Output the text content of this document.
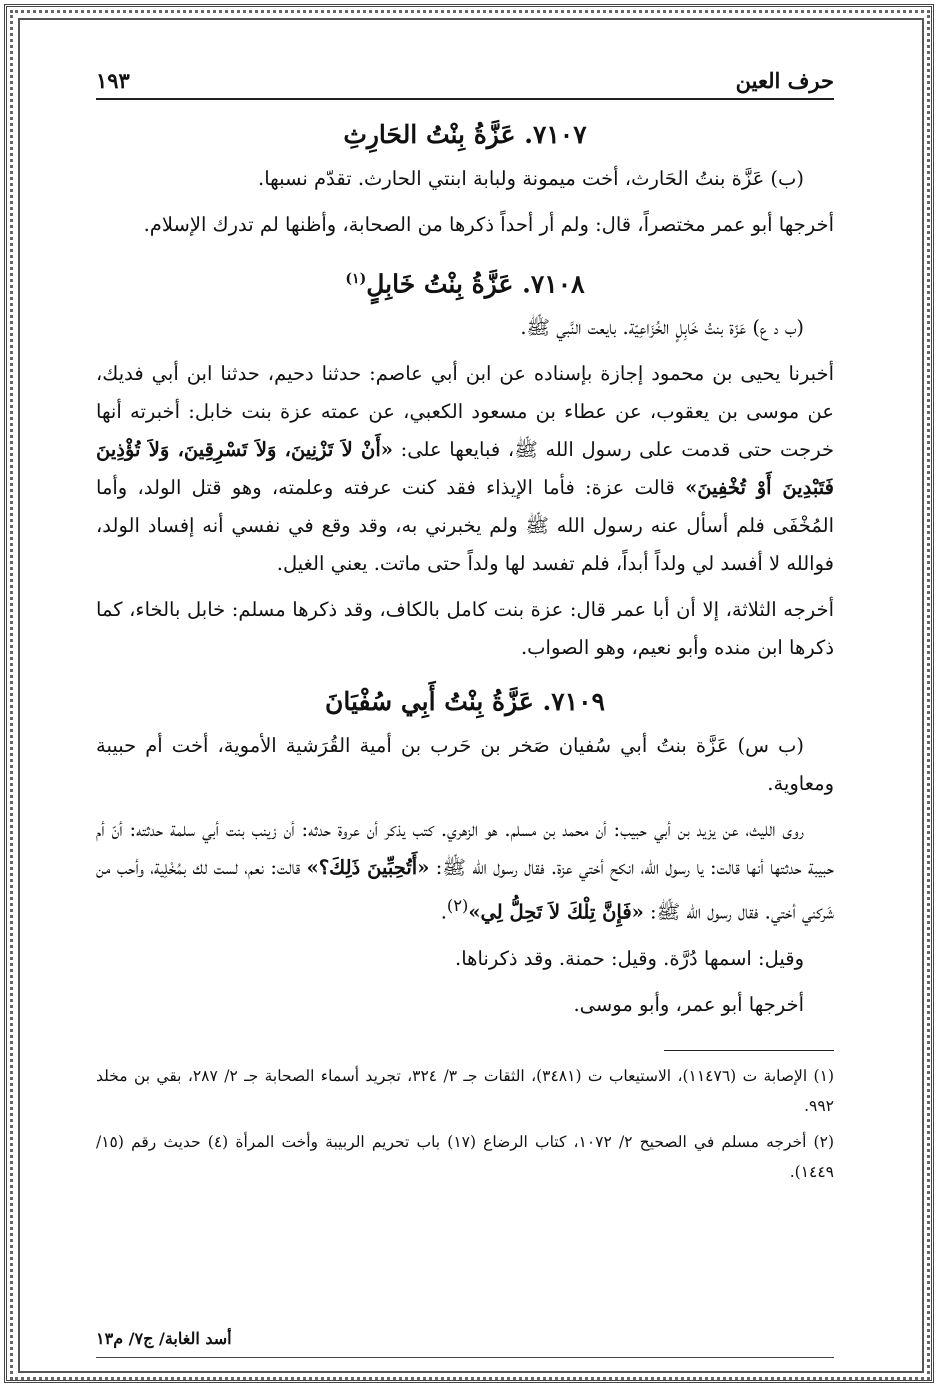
حرف العين
١٩٣
٧١٠٧. عَزَّةُ بِنْتُ الحَارِثِ

(ب) عَزَّة بنتُ الحَارث، أخت ميمونة ولبابة ابنتي الحارث. تقدّم نسبها.

أخرجها أبو عمر مختصراً، قال: ولم أر أحداً ذكرها من الصحابة، وأظنها لم تدرك الإسلام.

٧١٠٨. عَزَّةُ بِنْتُ خَابِلٍ$^{(١)}$

(ب د ع) عَزّة بنتُ خَابِلٍ الخُزَاعِيّة. بايعت النَّبي ﷺ.

أخبرنا يحيى بن محمود إجازة بإسناده عن ابن أبي عاصم: حدثنا دحيم، حدثنا ابن أبي فديك، عن موسى بن يعقوب، عن عطاء بن مسعود الكعبي، عن عمته عزة بنت خابل: أخبرته أنها خرجت حتى قدمت على رسول الله ﷺ، فبايعها على: «أَنْ لاَ تَزْنِينَ، وَلاَ تَسْرِقِينَ، وَلاَ تُؤْذِينَ فَتَبْدِينَ أَوْ تُخْفِينَ» قالت عزة: فأما الإيذاء فقد كنت عرفته وعلمته، وهو قتل الولد، وأما المُخْفَى فلم أسأل عنه رسول الله ﷺ ولم يخبرني به، وقد وقع في نفسي أنه إفساد الولد، فوالله لا أفسد لي ولداً أبداً، فلم تفسد لها ولداً حتى ماتت. يعني الغيل.

أخرجه الثلاثة، إلا أن أبا عمر قال: عزة بنت كامل بالكاف، وقد ذكرها مسلم: خابل بالخاء، كما ذكرها ابن منده وأبو نعيم، وهو الصواب.

٧١٠٩. عَزَّةُ بِنْتُ أَبِي سُفْيَانَ

(ب س) عَزَّة بنتُ أبي سُفيان صَخر بن حَرب بن أمية القُرَشية الأموية، أخت أم حبيبة ومعاوية.

روى الليث، عن يزيد بن أبي حبيب: أن محمد بن مسلم. هو الزهري. كتب يذكر أن عروة حدثه: أن زينب بنت أبي سلمة حدثته: أنّ أم حبيبة حدثتها أنها قالت: يا رسول الله، انكح أختي عزة. فقال رسول الله ﷺ: «أَتُحِبِّينَ ذَلِكَ؟» قالت: نعم، لست لك بمُخْلِية، وأحب من شَركني أختي. فقال رسول الله ﷺ: «فَإِنَّ تِلْكَ لاَ تَحِلُّ لِي»$^{(٢)}$.

وقيل: اسمها دُرَّة. وقيل: حمنة. وقد ذكرناها.

أخرجها أبو عمر، وأبو موسى.

(١) الإصابة ت (١١٤٧٦)، الاستيعاب ت (٣٤٨١)، الثقات جـ ٣/ ٣٢٤، تجريد أسماء الصحابة جـ ٢/ ٢٨٧، بقي بن مخلد ٩٩٢.
(٢) أخرجه مسلم في الصحيح ٢/ ١٠٧٢، كتاب الرضاع (١٧) باب تحريم الربيبة وأخت المرأة (٤) حديث رقم (١٥/ ١٤٤٩).
أسد الغابة/ ج٧/ م١٣
